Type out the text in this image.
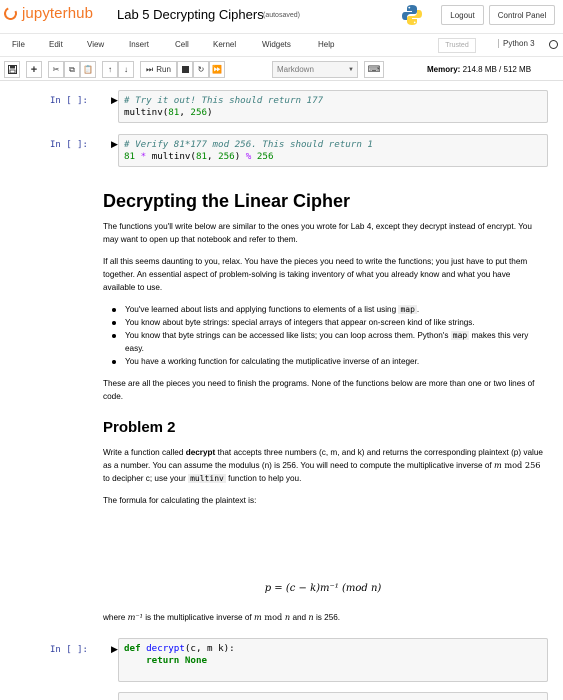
jupyterhub Lab 5 Decrypting Ciphers (autosaved)	Logout	Control Panel
File	Edit	View	Insert	Cell	Kernel	Widgets	Help	Trusted	Python 3
+ ✂ ⧉ 📋 ↑ ↓ ⏭ Run	↻ ⏩	Markdown	▼ ⌨	Memory: 214.8 MB / 512 MB
In [ ]:	▶ # Try it out! This should return 177
multinv(81, 256)
In [ ]:	▶ # Verify 81*177 mod 256. This should return 1
81 * multinv(81, 256) % 256
Decrypting the Linear Cipher

The functions you'll write below are similar to the ones you wrote for Lab 4, except they decrypt instead of encrypt. You may want to open up that notebook and refer to them.

If all this seems daunting to you, relax. You have the pieces you need to write the functions; you just have to put them together. An essential aspect of problem-solving is taking inventory of what you already know and what you have available to use.

You've learned about lists and applying functions to elements of a list using map .
You know about byte strings: special arrays of integers that appear on-screen kind of like strings.
You know that byte strings can be accessed like lists; you can loop across them. Python's map makes this very easy.
You have a working function for calculating the mutiplicative inverse of an integer.

These are all the pieces you need to finish the programs. None of the functions below are more than one or two lines of code.

Problem 2

Write a function called decrypt that accepts three numbers (c, m, and k) and returns the corresponding plaintext (p) value as a number. You can assume the modulus (n) is 256. You will need to compute the multiplicative inverse of m mod 256 to decipher c; use your multinv function to help you.

The formula for calculating the plaintext is:

p = (c − k)m⁻¹ (mod n)

where m⁻¹ is the multiplicative inverse of m mod n and n is 256.

In [ ]:	▶ def decrypt(c, m k):
return None
